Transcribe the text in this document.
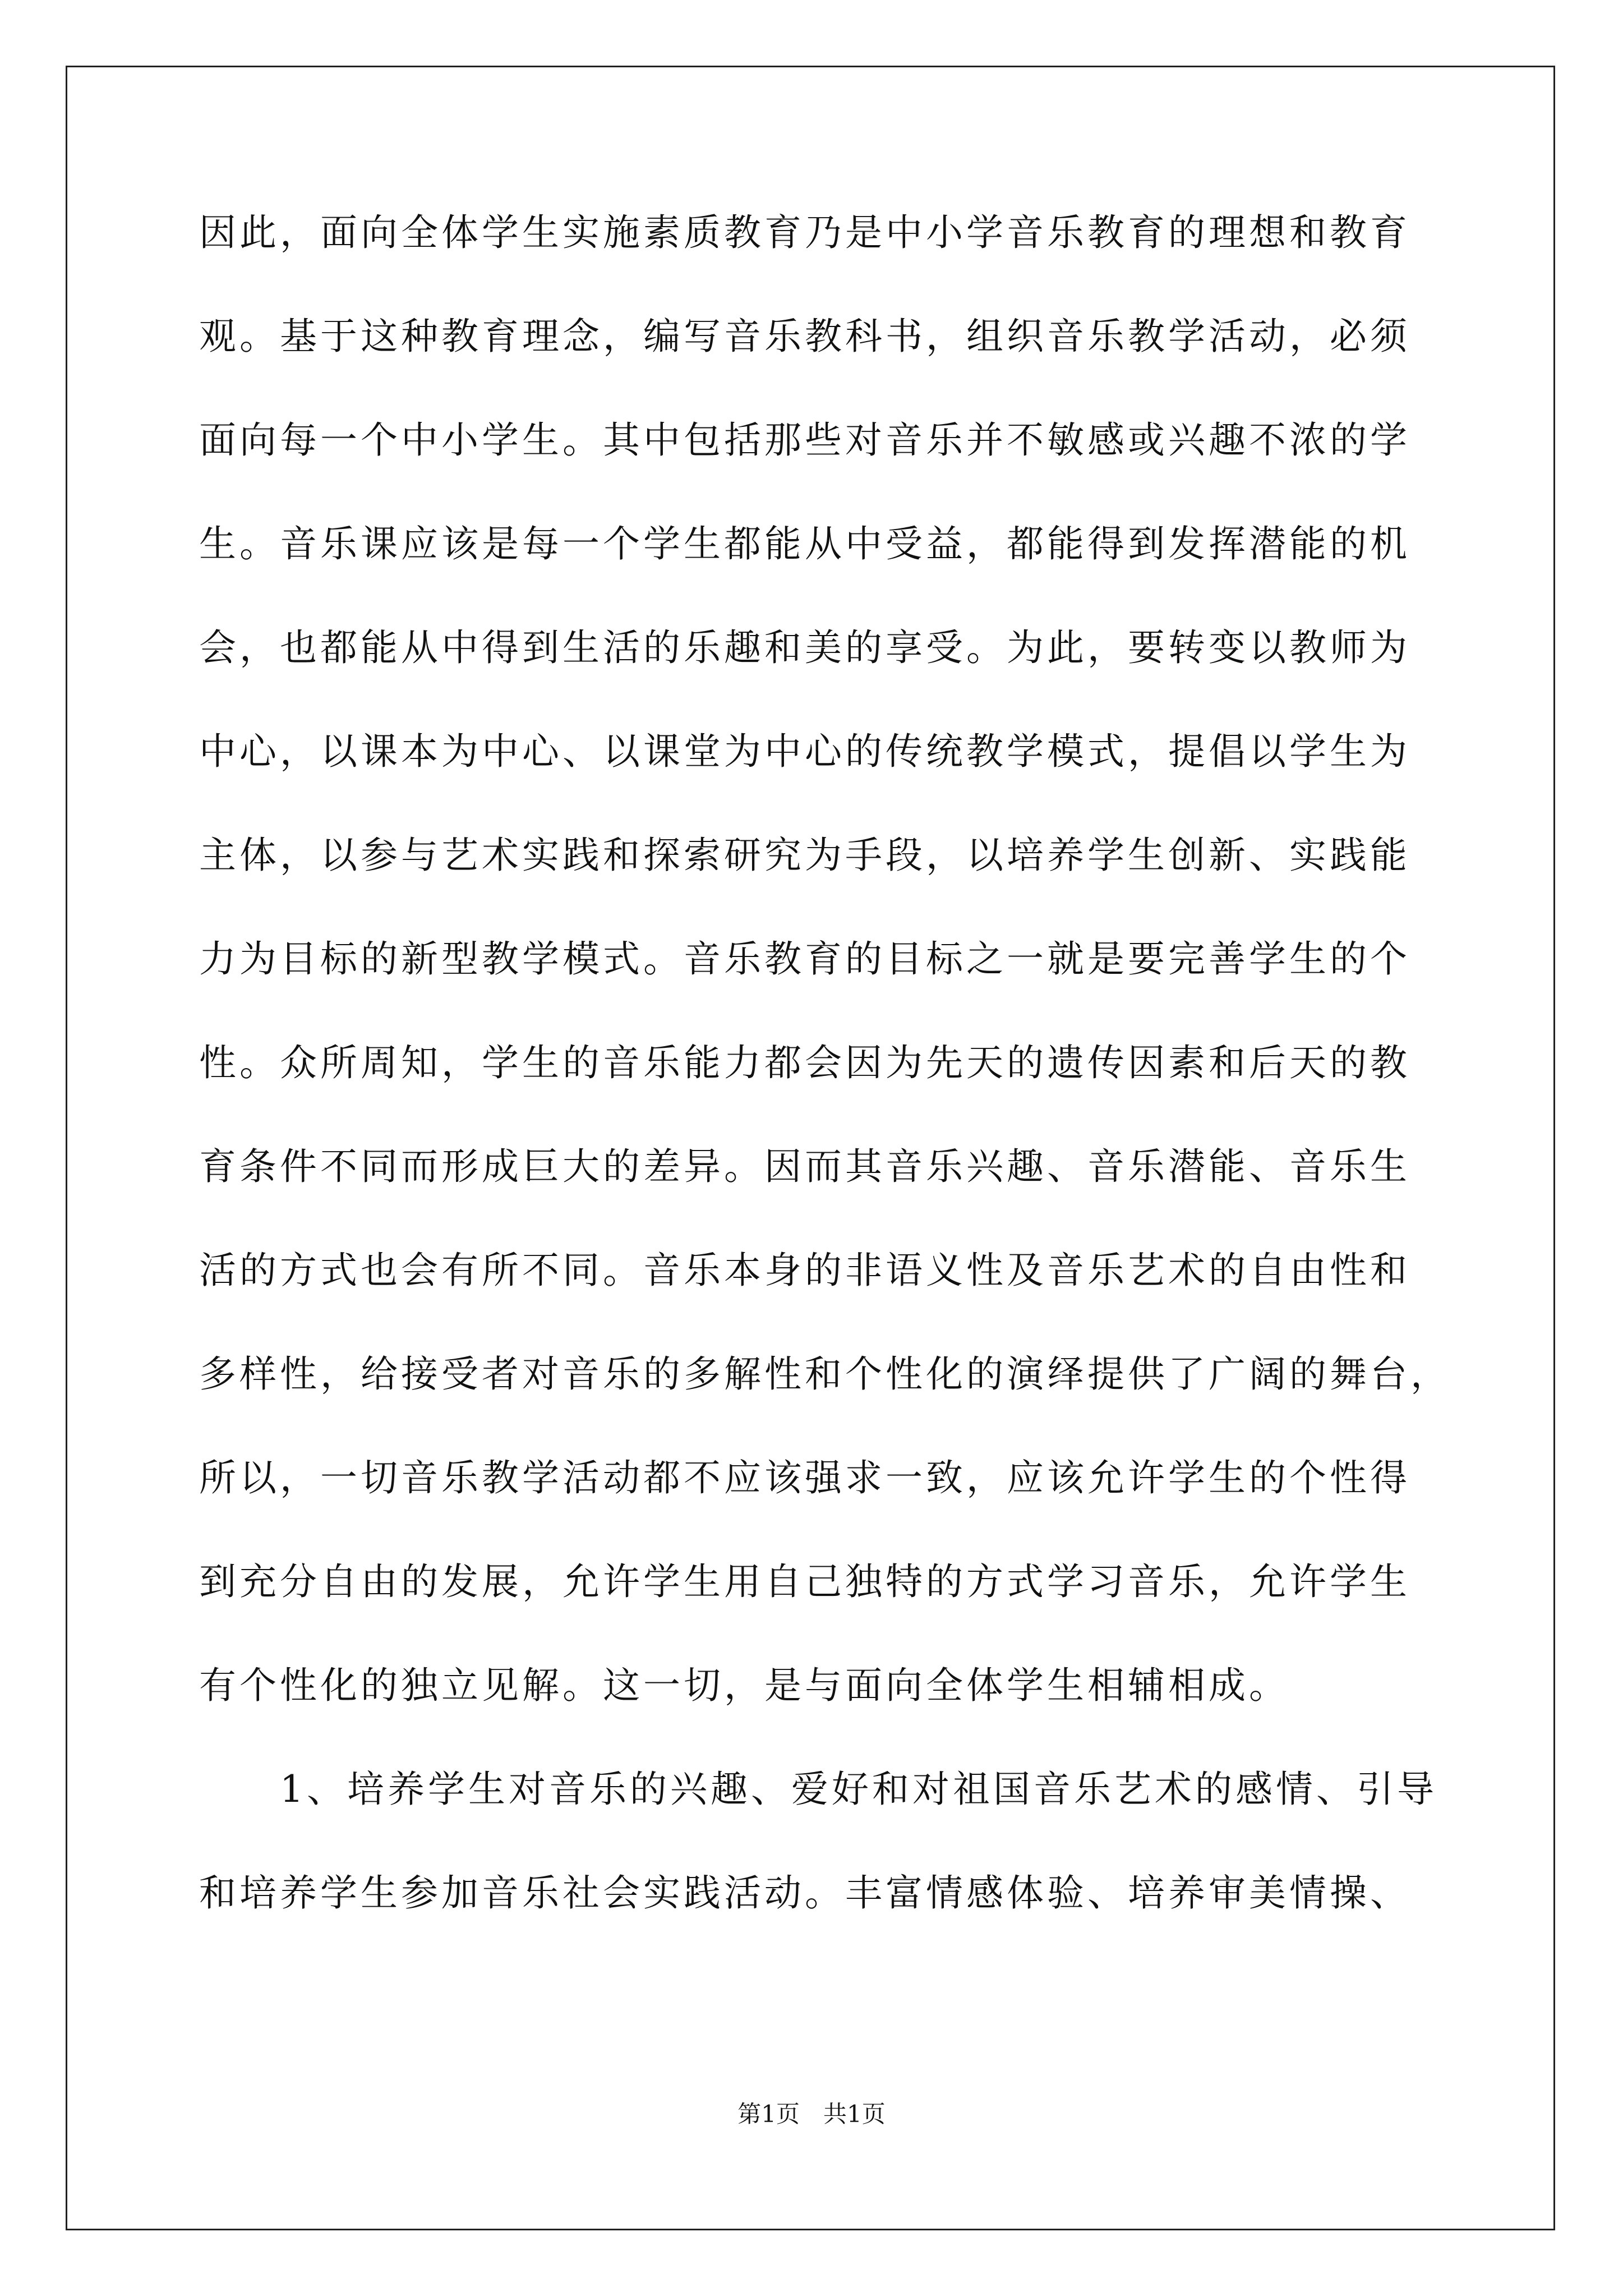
因此，面向全体学生实施素质教育乃是中小学音乐教育的理想和教育
观。基于这种教育理念，编写音乐教科书，组织音乐教学活动，必须
面向每一个中小学生。其中包括那些对音乐并不敏感或兴趣不浓的学
生。音乐课应该是每一个学生都能从中受益，都能得到发挥潜能的机
会，也都能从中得到生活的乐趣和美的享受。为此，要转变以教师为
中心，以课本为中心、以课堂为中心的传统教学模式，提倡以学生为
主体，以参与艺术实践和探索研究为手段，以培养学生创新、实践能
力为目标的新型教学模式。音乐教育的目标之一就是要完善学生的个
性。众所周知，学生的音乐能力都会因为先天的遗传因素和后天的教
育条件不同而形成巨大的差异。因而其音乐兴趣、音乐潜能、音乐生
活的方式也会有所不同。音乐本身的非语义性及音乐艺术的自由性和
多样性，给接受者对音乐的多解性和个性化的演绎提供了广阔的舞台，
所以，一切音乐教学活动都不应该强求一致，应该允许学生的个性得
到充分自由的发展，允许学生用自己独特的方式学习音乐，允许学生
有个性化的独立见解。这一切，是与面向全体学生相辅相成。
　　1、培养学生对音乐的兴趣、爱好和对祖国音乐艺术的感情、引导
和培养学生参加音乐社会实践活动。丰富情感体验、培养审美情操、
第1页　共1页
